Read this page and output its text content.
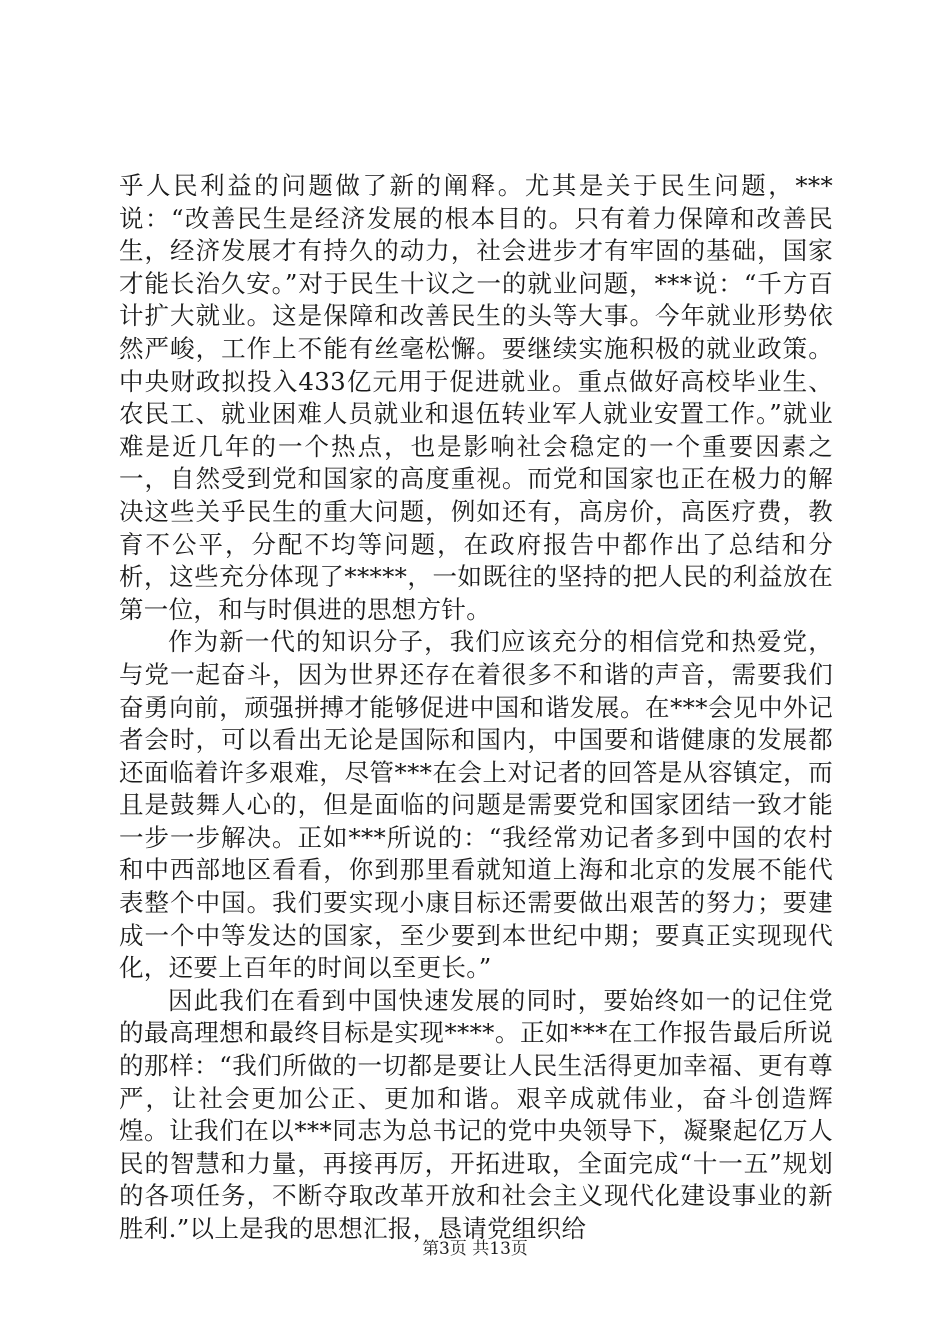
乎人民利益的问题做了新的阐释。尤其是关于民生问题，***说：“改善民生是经济发展的根本目的。只有着力保障和改善民生，经济发展才有持久的动力，社会进步才有牢固的基础，国家才能长治久安。”对于民生十议之一的就业问题，***说：“千方百计扩大就业。这是保障和改善民生的头等大事。今年就业形势依然严峻，工作上不能有丝毫松懈。要继续实施积极的就业政策。中央财政拟投入433亿元用于促进就业。重点做好高校毕业生、农民工、就业困难人员就业和退伍转业军人就业安置工作。”就业难是近几年的一个热点，也是影响社会稳定的一个重要因素之一，自然受到党和国家的高度重视。而党和国家也正在极力的解决这些关乎民生的重大问题，例如还有，高房价，高医疗费，教育不公平，分配不均等问题，在政府报告中都作出了总结和分析，这些充分体现了*****，一如既往的坚持的把人民的利益放在第一位，和与时俱进的思想方针。

作为新一代的知识分子，我们应该充分的相信党和热爱党，与党一起奋斗，因为世界还存在着很多不和谐的声音，需要我们奋勇向前，顽强拼搏才能够促进中国和谐发展。在***会见中外记者会时，可以看出无论是国际和国内，中国要和谐健康的发展都还面临着许多艰难，尽管***在会上对记者的回答是从容镇定，而且是鼓舞人心的，但是面临的问题是需要党和国家团结一致才能一步一步解决。正如***所说的：“我经常劝记者多到中国的农村和中西部地区看看，你到那里看就知道上海和北京的发展不能代表整个中国。我们要实现小康目标还需要做出艰苦的努力；要建成一个中等发达的国家，至少要到本世纪中期；要真正实现现代化，还要上百年的时间以至更长。”

因此我们在看到中国快速发展的同时，要始终如一的记住党的最高理想和最终目标是实现****。正如***在工作报告最后所说的那样：“我们所做的一切都是要让人民生活得更加幸福、更有尊严，让社会更加公正、更加和谐。艰辛成就伟业，奋斗创造辉煌。让我们在以***同志为总书记的党中央领导下，凝聚起亿万人民的智慧和力量，再接再厉，开拓进取，全面完成“十一五”规划的各项任务，不断夺取改革开放和社会主义现代化建设事业的新胜利.”以上是我的思想汇报，恳请党组织给

第3页 共13页
